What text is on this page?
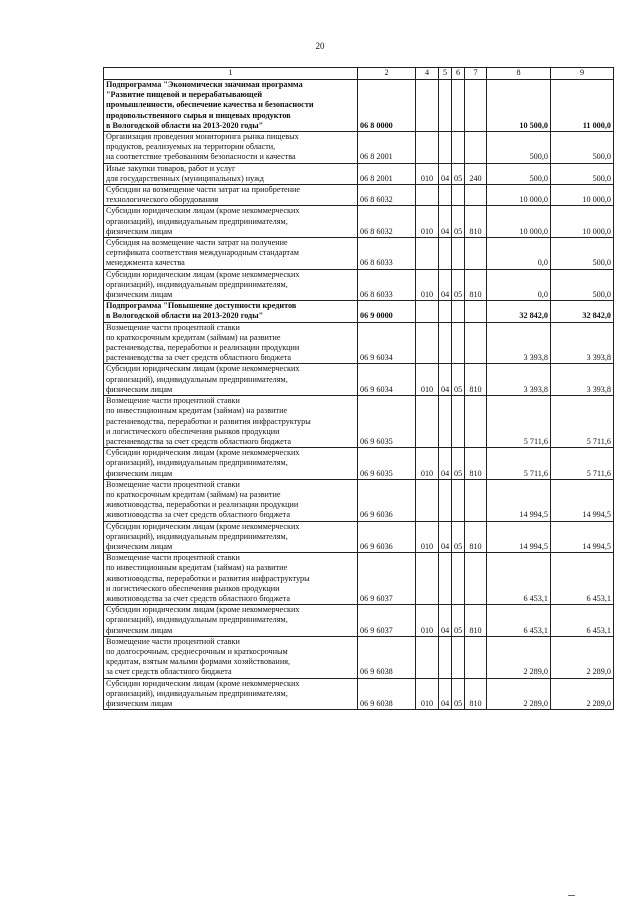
20
1	2	4	5	6	7	8	9

Подпрограмма "Экономически значимая программа
"Развитие пищевой и перерабатывающей
промышленности, обеспечение качества и безопасности
продовольственного сырья и пищевых продуктов
в Вологодской области на 2013-2020 годы"	06 8 0000					10 500,0	11 000,0

Организация проведения мониторинга рынка пищевых
продуктов, реализуемых на территории области,
на соответствие требованиям безопасности и качества	06 8 2001					500,0	500,0

Иные закупки товаров, работ и услуг
для государственных (муниципальных) нужд	06 8 2001	010	04	05	240	500,0	500,0

Субсидии на возмещение части затрат на приобретение
технологического оборудования	06 8 6032					10 000,0	10 000,0

Субсидии юридическим лицам (кроме некоммерческих
организаций), индивидуальным предпринимателям,
физическим лицам	06 8 6032	010	04	05	810	10 000,0	10 000,0

Субсидия на возмещение части затрат на получение
сертификата соответствия международным стандартам
менеджмента качества	06 8 6033					0,0	500,0

Субсидии юридическим лицам (кроме некоммерческих
организаций), индивидуальным предпринимателям,
физическим лицам	06 8 6033	010	04	05	810	0,0	500,0

Подпрограмма "Повышение доступности кредитов
в Вологодской области на 2013-2020 годы"	06 9 0000					32 842,0	32 842,0

Возмещение части процентной ставки
по краткосрочным кредитам (займам) на развитие
растениеводства, переработки и реализации продукции
растениеводства за счет средств областного бюджета	06 9 6034					3 393,8	3 393,8

Субсидии юридическим лицам (кроме некоммерческих
организаций), индивидуальным предпринимателям,
физическим лицам	06 9 6034	010	04	05	810	3 393,8	3 393,8

Возмещение части процентной ставки
по инвестиционным кредитам (займам) на развитие
растениеводства, переработки и развития инфраструктуры
и логистического обеспечения рынков продукции
растениеводства за счет средств областного бюджета	06 9 6035					5 711,6	5 711,6

Субсидии юридическим лицам (кроме некоммерческих
организаций), индивидуальным предпринимателям,
физическим лицам	06 9 6035	010	04	05	810	5 711,6	5 711,6

Возмещение части процентной ставки
по краткосрочным кредитам (займам) на развитие
животноводства, переработки и реализации продукции
животноводства за счет средств областного бюджета	06 9 6036					14 994,5	14 994,5

Субсидии юридическим лицам (кроме некоммерческих
организаций), индивидуальным предпринимателям,
физическим лицам	06 9 6036	010	04	05	810	14 994,5	14 994,5

Возмещение части процентной ставки
по инвестиционным кредитам (займам) на развитие
животноводства, переработки и развития инфраструктуры
и логистического обеспечения рынков продукции
животноводства за счет средств областного бюджета	06 9 6037					6 453,1	6 453,1

Субсидии юридическим лицам (кроме некоммерческих
организаций), индивидуальным предпринимателям,
физическим лицам	06 9 6037	010	04	05	810	6 453,1	6 453,1

Возмещение части процентной ставки
по долгосрочным, среднесрочным и краткосрочным
кредитам, взятым малыми формами хозяйствования,
за счет средств областного бюджета	06 9 6038					2 289,0	2 289,0

Субсидии юридическим лицам (кроме некоммерческих
организаций), индивидуальным предпринимателям,
физическим лицам	06 9 6038	010	04	05	810	2 289,0	2 289,0
